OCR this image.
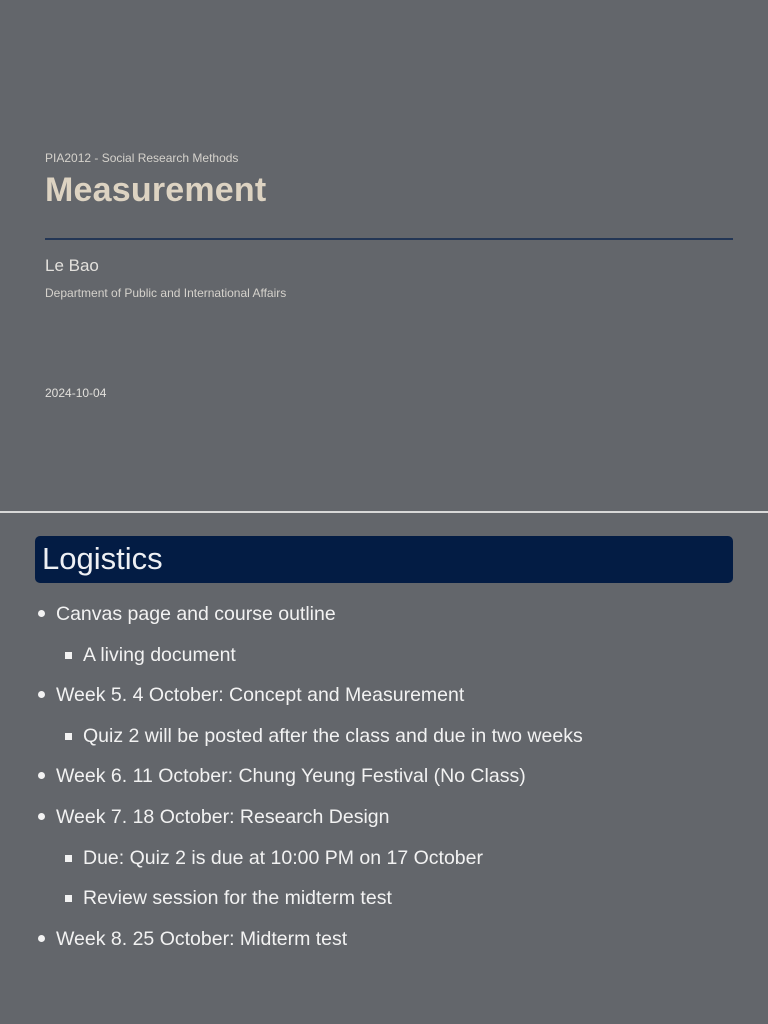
PIA2012 - Social Research Methods
Measurement
Le Bao
Department of Public and International Affairs
2024-10-04
Logistics
Canvas page and course outline
A living document
Week 5. 4 October: Concept and Measurement
Quiz 2 will be posted after the class and due in two weeks
Week 6. 11 October: Chung Yeung Festival (No Class)
Week 7. 18 October: Research Design
Due: Quiz 2 is due at 10:00 PM on 17 October
Review session for the midterm test
Week 8. 25 October: Midterm test
